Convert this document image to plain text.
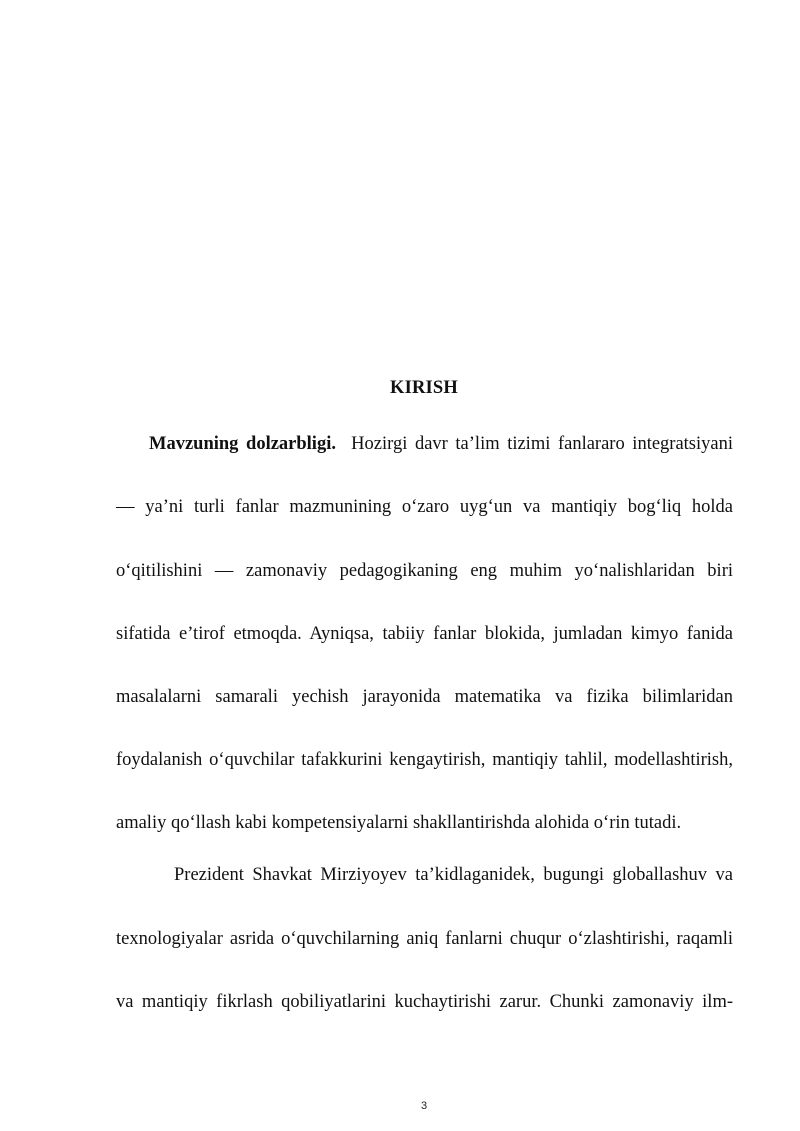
KIRISH
Mavzuning dolzarbligi. Hozirgi davr ta’lim tizimi fanlararo integratsiyani
— ya’ni turli fanlar mazmunining o‘zaro uyg‘un va mantiqiy bog‘liq holda
o‘qitilishini — zamonaviy pedagogikaning eng muhim yo‘nalishlaridan biri
sifatida e’tirof etmoqda. Ayniqsa, tabiiy fanlar blokida, jumladan kimyo fanida
masalalarni samarali yechish jarayonida matematika va fizika bilimlaridan
foydalanish o‘quvchilar tafakkurini kengaytirish, mantiqiy tahlil, modellashtirish,
amaliy qo‘llash kabi kompetensiyalarni shakllantirishda alohida o‘rin tutadi.
Prezident Shavkat Mirziyoyev ta’kidlaganidek, bugungi globallashuv va
texnologiyalar asrida o‘quvchilarning aniq fanlarni chuqur o‘zlashtirishi, raqamli
va mantiqiy fikrlash qobiliyatlarini kuchaytirishi zarur. Chunki zamonaviy ilm-
3
